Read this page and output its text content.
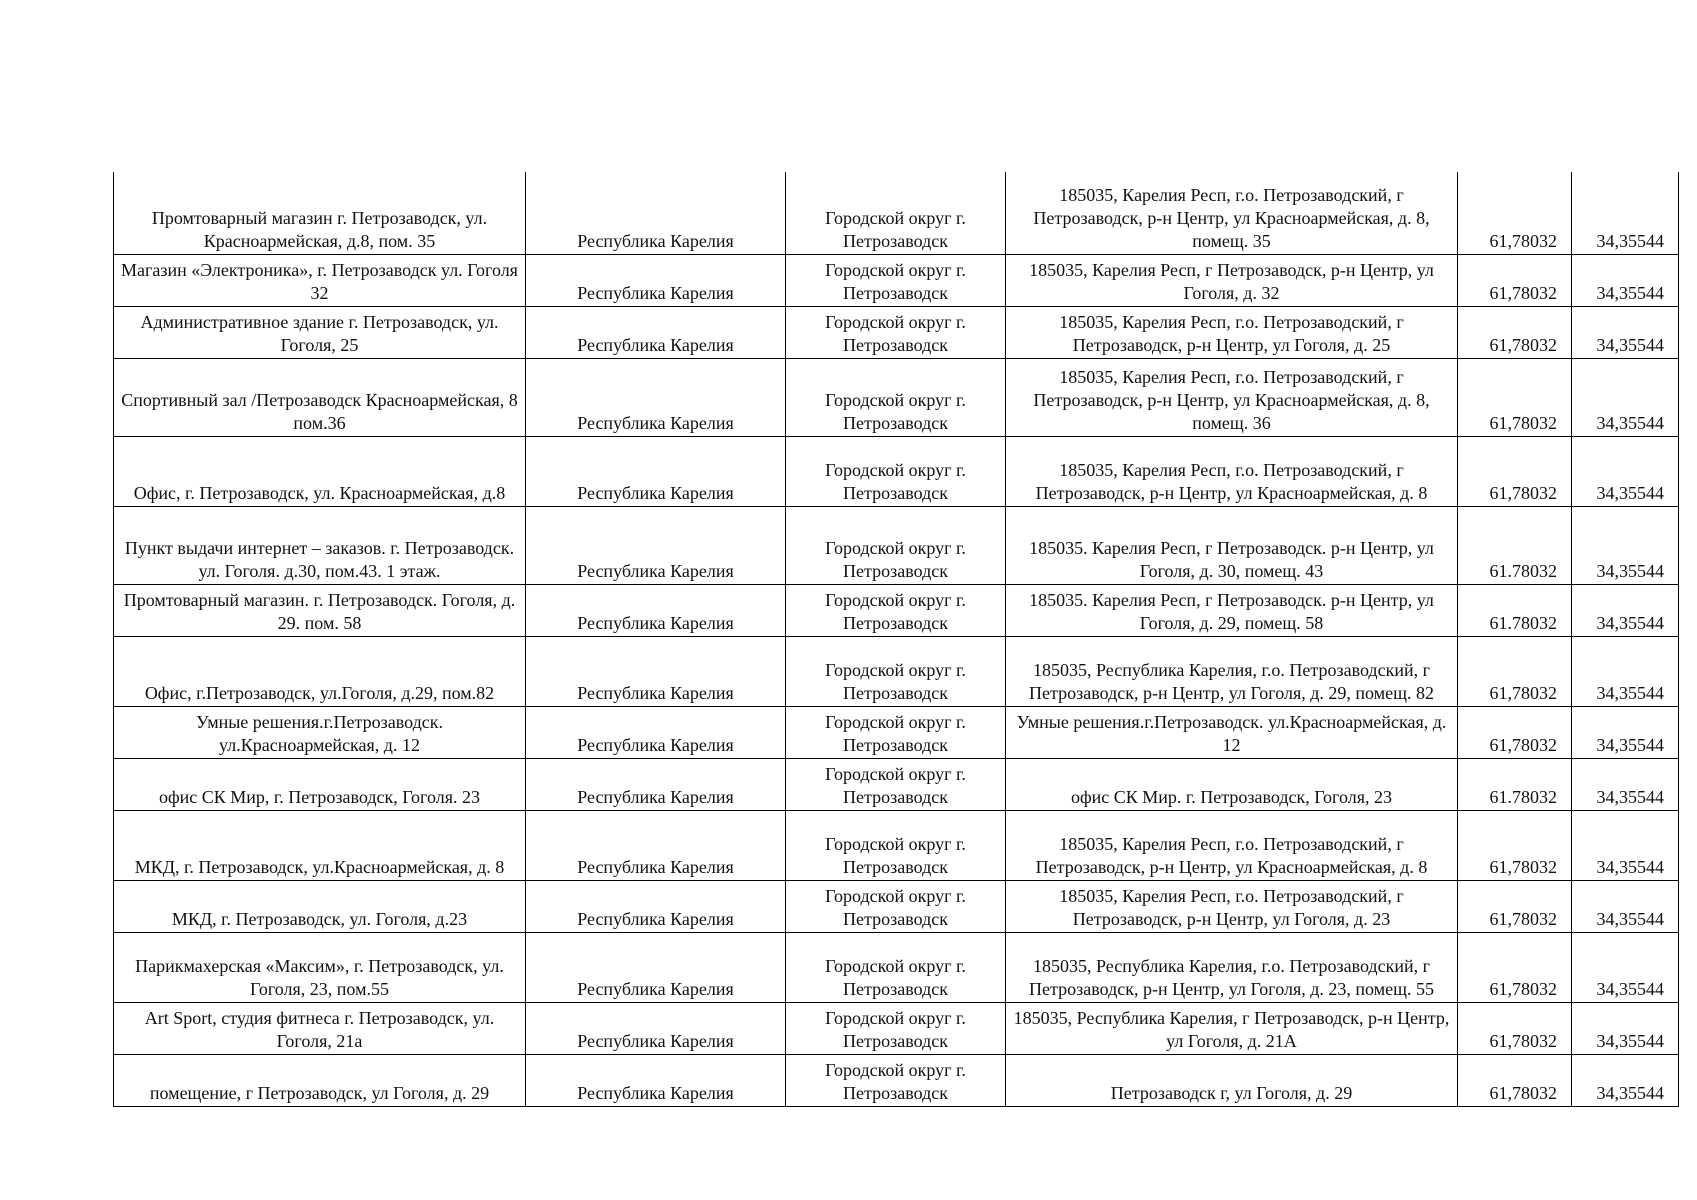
Промтоварный магазин г. Петрозаводск, ул. Красноармейская, д.8, пом. 35	Республика Карелия	Городской округ г. Петрозаводск	185035, Карелия Респ, г.о. Петрозаводский, г Петрозаводск, р-н Центр, ул Красноармейская, д. 8, помещ. 35	61,78032	34,35544
Магазин «Электроника», г. Петрозаводск ул. Гоголя 32	Республика Карелия	Городской округ г. Петрозаводск	185035, Карелия Респ, г Петрозаводск, р-н Центр, ул Гоголя, д. 32	61,78032	34,35544
Административное здание г. Петрозаводск, ул. Гоголя, 25	Республика Карелия	Городской округ г. Петрозаводск	185035, Карелия Респ, г.о. Петрозаводский, г Петрозаводск, р-н Центр, ул Гоголя, д. 25	61,78032	34,35544
Спортивный зал /Петрозаводск Красноармейская, 8 пом.36	Республика Карелия	Городской округ г. Петрозаводск	185035, Карелия Респ, г.о. Петрозаводский, г Петрозаводск, р-н Центр, ул Красноармейская, д. 8, помещ. 36	61,78032	34,35544
Офис, г. Петрозаводск, ул. Красноармейская, д.8	Республика Карелия	Городской округ г. Петрозаводск	185035, Карелия Респ, г.о. Петрозаводский, г Петрозаводск, р-н Центр, ул Красноармейская, д. 8	61,78032	34,35544
Пункт выдачи интернет – заказов. г. Петрозаводск. ул. Гоголя. д.30, пом.43. 1 этаж.	Республика Карелия	Городской округ г. Петрозаводск	185035. Карелия Респ, г Петрозаводск. р-н Центр, ул Гоголя, д. 30, помещ. 43	61.78032	34,35544
Промтоварный магазин. г. Петрозаводск. Гоголя, д. 29. пом. 58	Республика Карелия	Городской округ г. Петрозаводск	185035. Карелия Респ, г Петрозаводск. р-н Центр, ул Гоголя, д. 29, помещ. 58	61.78032	34,35544
Офис, г.Петрозаводск, ул.Гоголя, д.29, пом.82	Республика Карелия	Городской округ г. Петрозаводск	185035, Республика Карелия, г.о. Петрозаводский, г Петрозаводск, р-н Центр, ул Гоголя, д. 29, помещ. 82	61,78032	34,35544
Умные решения.г.Петрозаводск. ул.Красноармейская, д. 12	Республика Карелия	Городской округ г. Петрозаводск	Умные решения.г.Петрозаводск. ул.Красноармейская, д. 12	61,78032	34,35544
офис СК Мир, г. Петрозаводск, Гоголя. 23	Республика Карелия	Городской округ г. Петрозаводск	офис СК Мир. г. Петрозаводск, Гоголя, 23	61.78032	34,35544
МКД, г. Петрозаводск, ул.Красноармейская, д. 8	Республика Карелия	Городской округ г. Петрозаводск	185035, Карелия Респ, г.о. Петрозаводский, г Петрозаводск, р-н Центр, ул Красноармейская, д. 8	61,78032	34,35544
МКД, г. Петрозаводск, ул. Гоголя, д.23	Республика Карелия	Городской округ г. Петрозаводск	185035, Карелия Респ, г.о. Петрозаводский, г Петрозаводск, р-н Центр, ул Гоголя, д. 23	61,78032	34,35544
Парикмахерская «Максим», г. Петрозаводск, ул. Гоголя, 23, пом.55	Республика Карелия	Городской округ г. Петрозаводск	185035, Республика Карелия, г.о. Петрозаводский, г Петрозаводск, р-н Центр, ул Гоголя, д. 23, помещ. 55	61,78032	34,35544
Art Sport, студия фитнеса г. Петрозаводск, ул. Гоголя, 21а	Республика Карелия	Городской округ г. Петрозаводск	185035, Республика Карелия, г Петрозаводск, р-н Центр, ул Гоголя, д. 21А	61,78032	34,35544
помещение, г Петрозаводск, ул Гоголя, д. 29	Республика Карелия	Городской округ г. Петрозаводск	Петрозаводск г, ул Гоголя, д. 29	61,78032	34,35544
